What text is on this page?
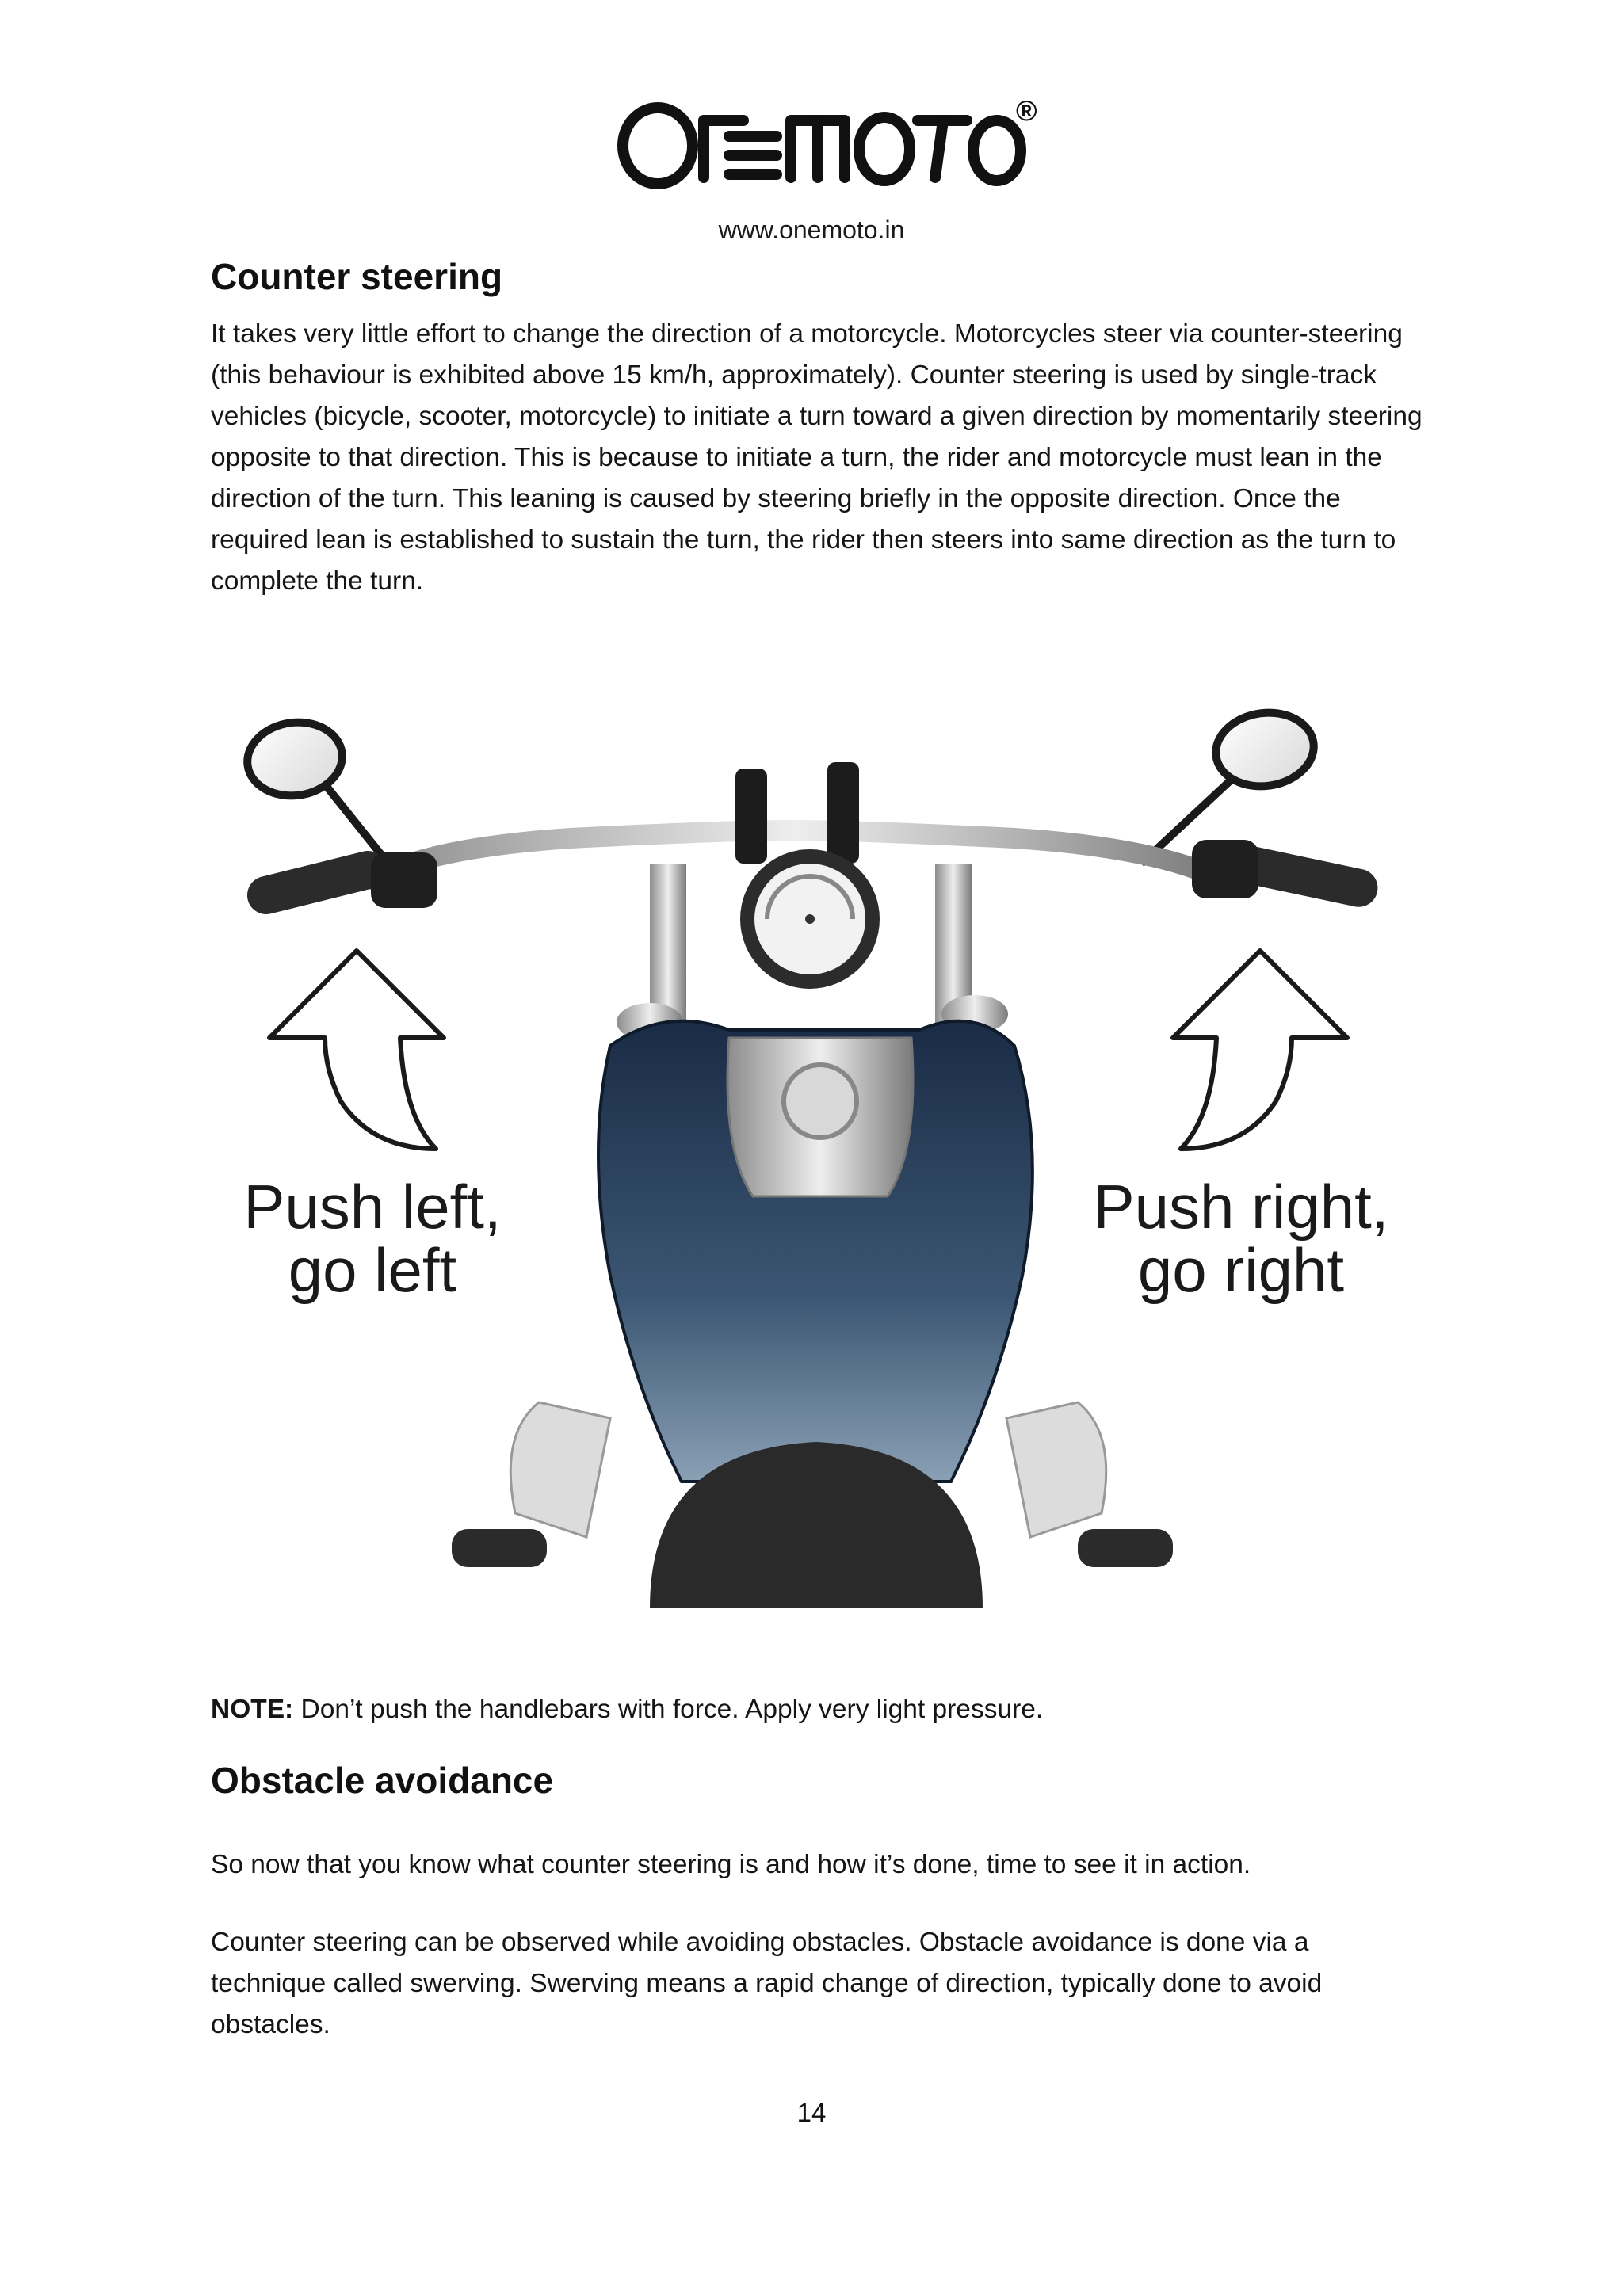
®
www.onemoto.in
Counter steering
It takes very little effort to change the direction of a motorcycle. Motorcycles steer via counter-steering (this behaviour is exhibited above 15 km/h, approximately). Counter steering is used by single-track vehicles (bicycle, scooter, motorcycle) to initiate a turn toward a given direction by momentarily steering opposite to that direction. This is because to initiate a turn, the rider and motorcycle must lean in the direction of the turn. This leaning is caused by steering briefly in the opposite direction. Once the required lean is established to sustain the turn, the rider then steers into same direction as the turn to complete the turn.
Push left,
go left
Push right,
go right
NOTE: Don’t push the handlebars with force. Apply very light pressure.
Obstacle avoidance
So now that you know what counter steering is and how it’s done, time to see it in action.
Counter steering can be observed while avoiding obstacles. Obstacle avoidance is done via a technique called swerving. Swerving means a rapid change of direction, typically done to avoid obstacles.
14
